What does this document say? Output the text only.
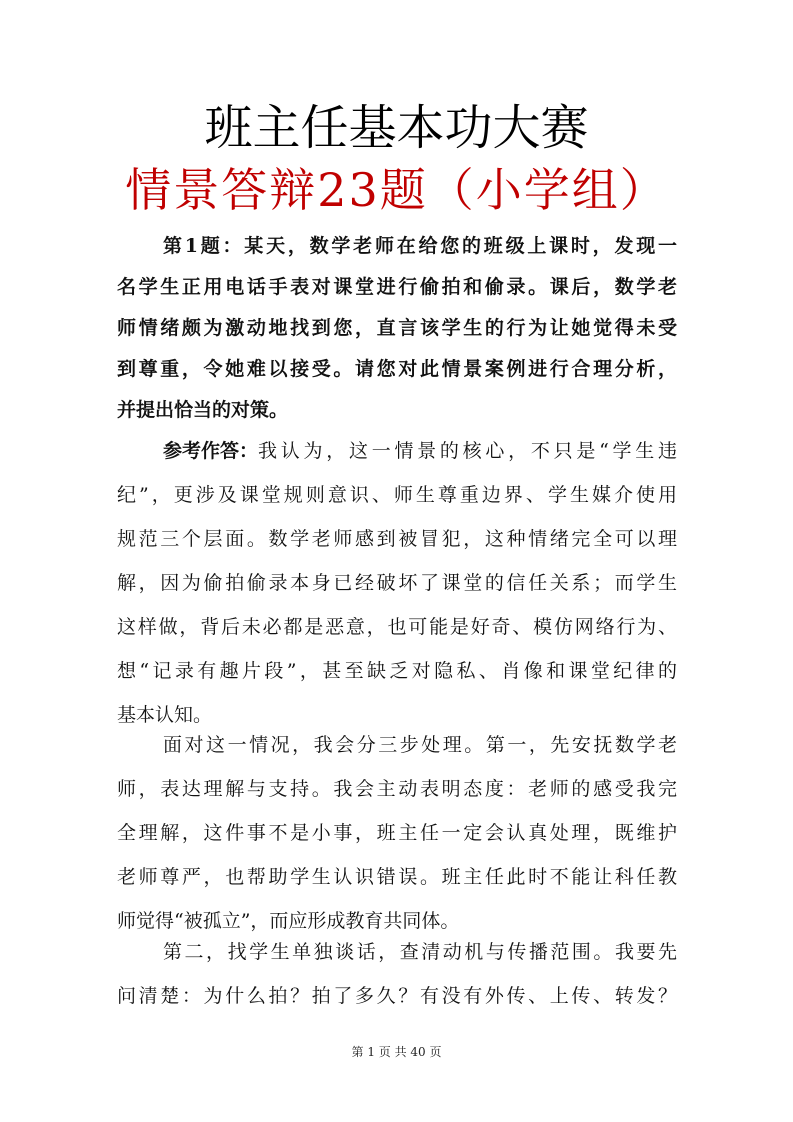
班主任基本功大赛
情景答辩23题（小学组）
第1题：某天，数学老师在给您的班级上课时，发现一
名学生正用电话手表对课堂进行偷拍和偷录。课后，数学老
师情绪颇为激动地找到您，直言该学生的行为让她觉得未受
到尊重，令她难以接受。请您对此情景案例进行合理分析，
并提出恰当的对策。
参考作答： 我认为，这一情景的核心，不只是“学生违
纪”，更涉及课堂规则意识、师生尊重边界、学生媒介使用
规范三个层面。数学老师感到被冒犯，这种情绪完全可以理
解，因为偷拍偷录本身已经破坏了课堂的信任关系；而学生
这样做，背后未必都是恶意，也可能是好奇、模仿网络行为、
想“记录有趣片段”，甚至缺乏对隐私、肖像和课堂纪律的
基本认知。
面对这一情况，我会分三步处理。第一，先安抚数学老
师，表达理解与支持。我会主动表明态度：老师的感受我完
全理解，这件事不是小事，班主任一定会认真处理，既维护
老师尊严，也帮助学生认识错误。班主任此时不能让科任教
师觉得“被孤立”，而应形成教育共同体。
第二，找学生单独谈话，查清动机与传播范围。我要先
问清楚：为什么拍？拍了多久？有没有外传、上传、转发？
第 1 页 共 40 页
